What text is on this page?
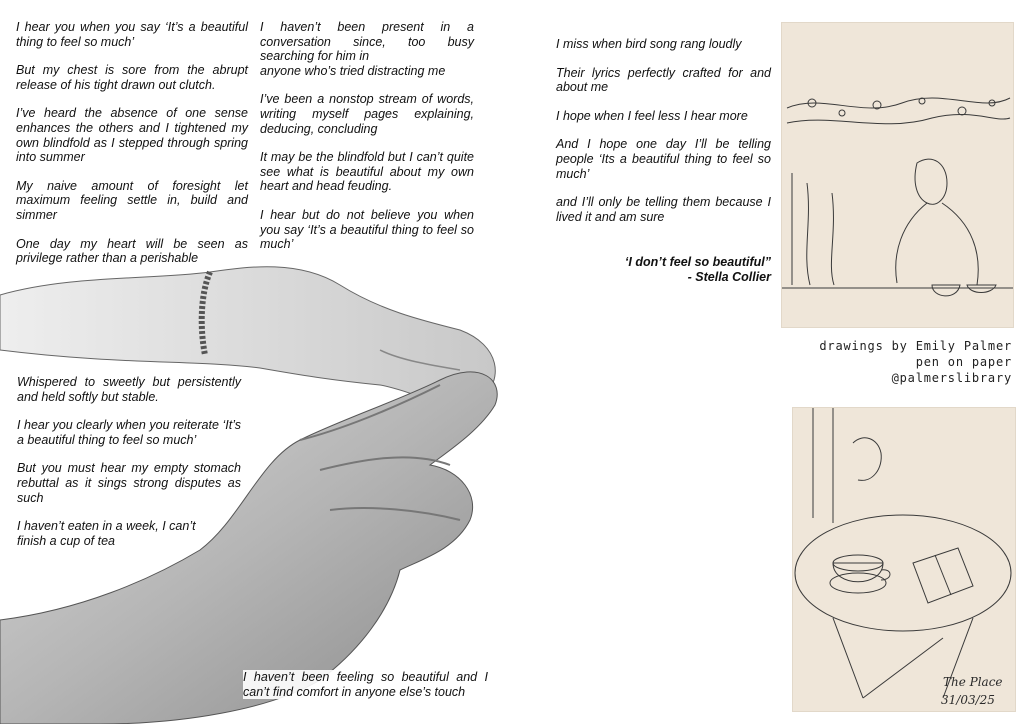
I hear you when you say ‘It’s a beautiful thing to feel so much’

But my chest is sore from the abrupt release of his tight drawn out clutch.

I’ve heard the absence of one sense enhances the others and I tightened my own blindfold as I stepped through spring into summer

My naive amount of foresight let maximum feeling settle in, build and simmer

One day my heart will be seen as privilege rather than a perishable

I haven’t been present in a conversation since, too busy searching for him in
anyone who’s tried distracting me

I’ve been a nonstop stream of words, writing myself pages explaining, deducing, concluding

It may be the blindfold but I can’t quite see what is beautiful about my own heart and head feuding.

I hear but do not believe you when you say ‘It’s a beautiful thing to feel so much’

Whispered to sweetly but persistently and held softly but stable.

I hear you clearly when you reiterate ‘It’s a beautiful thing to feel so much’

But you must hear my empty stomach rebuttal as it sings strong disputes as such

I haven’t eaten in a week, I can’t
finish a cup of tea

I haven’t been feeling so beautiful and I can’t find comfort in anyone else’s touch

I miss when bird song rang loudly

Their lyrics perfectly crafted for and about me

I hope when I feel less I hear more

And I hope one day I’ll be telling people ‘Its a beautiful thing to feel so much’

and I’ll only be telling them because I lived it and am sure

‘I don’t feel so beautiful”
- Stella Collier
drawings by Emily Palmer
pen on paper
@palmerslibrary
The Place
31/03/25
